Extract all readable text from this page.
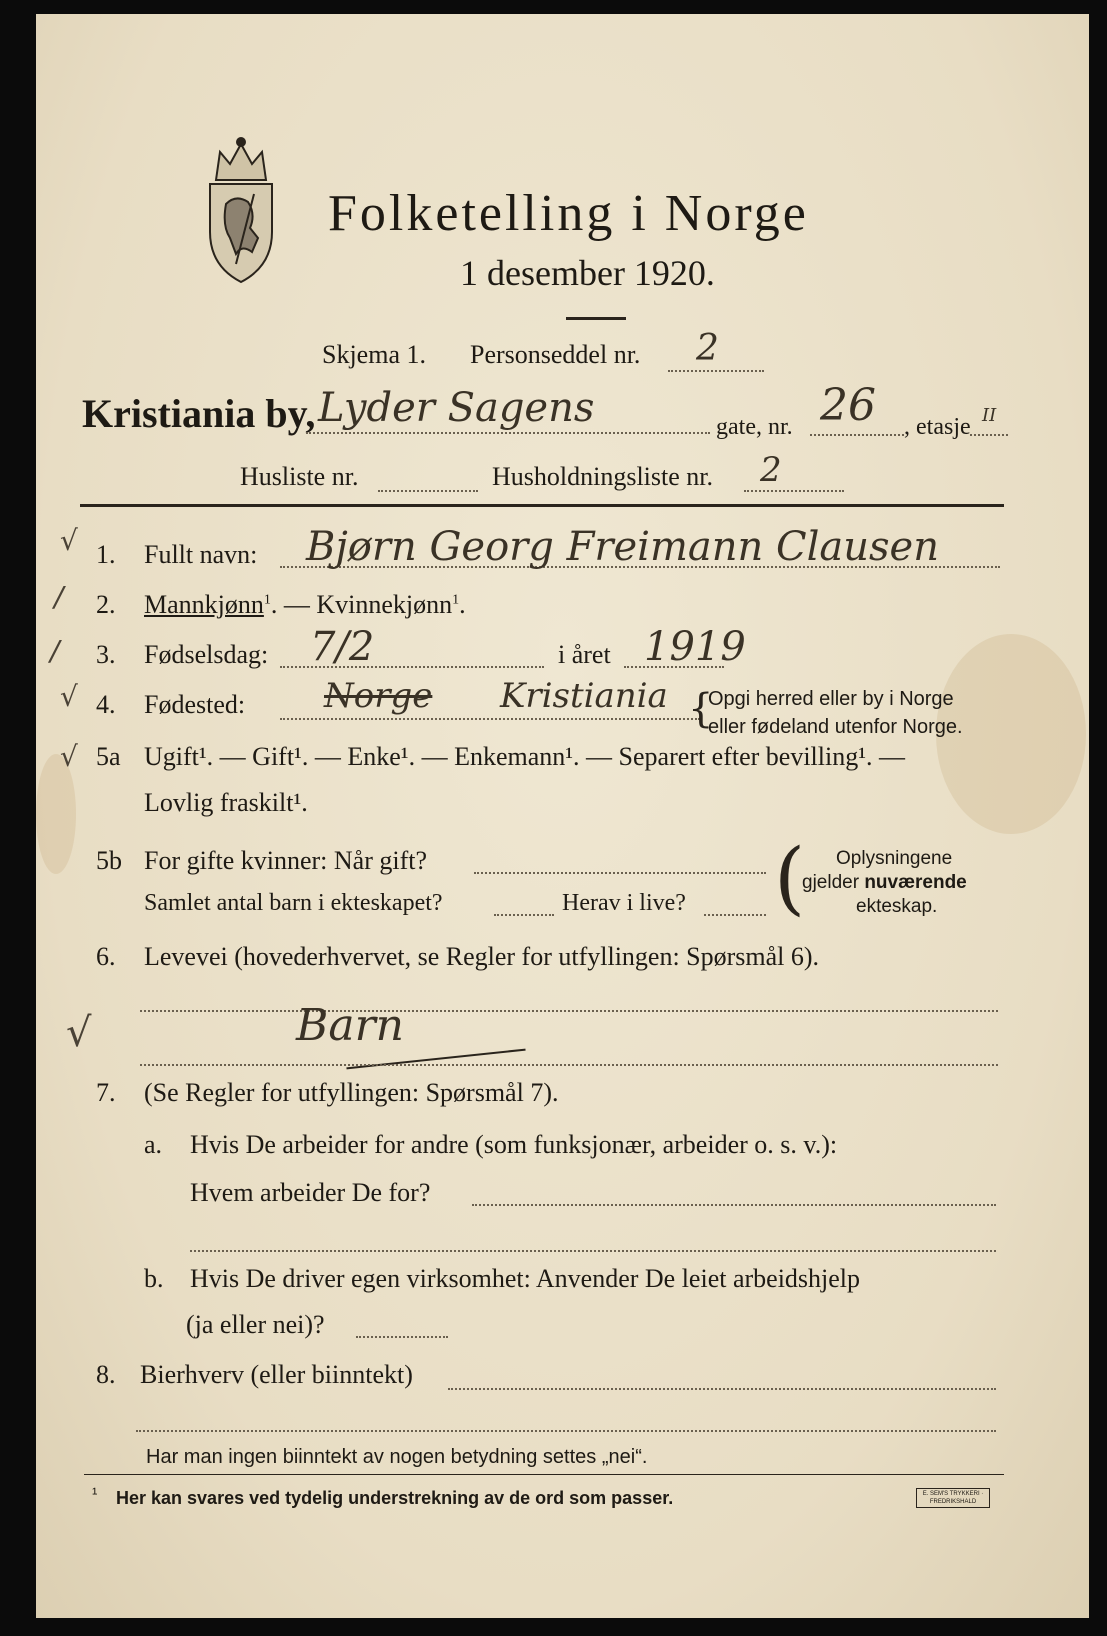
Folketelling i Norge
1 desember 1920.
Skjema 1. Personseddel nr. 2
Kristiania by, Lyder Sagens	gate, nr. 26 , etasje II
Husliste nr.	Husholdningsliste nr. 2
√ 1. Fullt navn: Bjørn Georg Freimann Clausen
/ 2. Mannkjønn$^1$. — Kvinnekjønn$^1$.
/ 3. Fødselsdag: 7/2	i året 1919
√ 4. Fødested: Norge Kristiania {
Opgi herred eller by i Norge
eller fødeland utenfor Norge.
√ 5a Ugift¹. — Gift¹. — Enke¹. — Enkemann¹. — Separert efter bevilling¹. —
Lovlig fraskilt¹.
5b For gifte kvinner: Når gift?
Samlet antal barn i ekteskapet?	Herav i live? ( Oplysningene
gjelder nuværende
ekteskap.
6. Levevei (hovederhvervet, se Regler for utfyllingen: Spørsmål 6).
√	Barn
7. (Se Regler for utfyllingen: Spørsmål 7).
a. Hvis De arbeider for andre (som funksjonær, arbeider o. s. v.):
Hvem arbeider De for?
b. Hvis De driver egen virksomhet: Anvender De leiet arbeidshjelp
(ja eller nei)?
8. Bierhverv (eller biinntekt)
Har man ingen biinntekt av nogen betydning settes „nei“.
¹ Her kan svares ved tydelig understrekning av de ord som passer.	E. SEM'S TRYKKERI · FREDRIKSHALD
